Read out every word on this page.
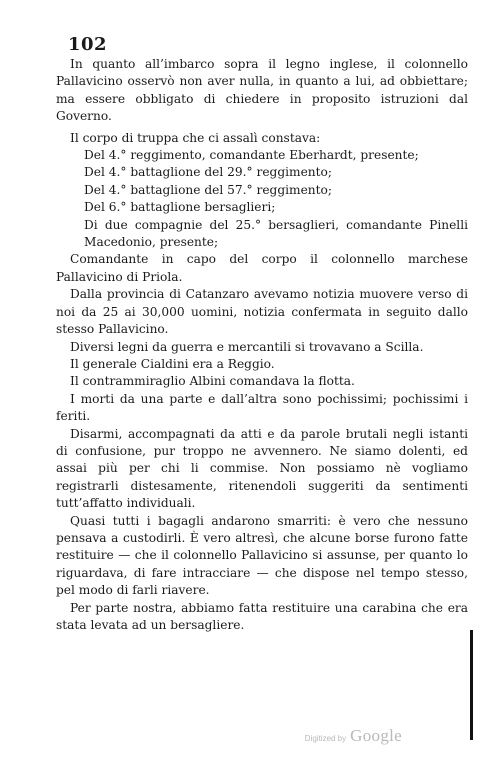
102

In quanto all’imbarco sopra il legno inglese, il colonnello Pallavicino osservò non aver nulla, in quanto a lui, ad obbiettare; ma essere obbligato di chiedere in proposito istruzioni dal Governo.

Il corpo di truppa che ci assalì constava:

Del 4.° reggimento, comandante Eberhardt, presente;

Del 4.° battaglione del 29.° reggimento;

Del 4.° battaglione del 57.° reggimento;

Del 6.° battaglione bersaglieri;

Di due compagnie del 25.° bersaglieri, comandante Pinelli Macedonio, presente;

Comandante in capo del corpo il colonnello marchese Pallavicino di Priola.

Dalla provincia di Catanzaro avevamo notizia muovere verso di noi da 25 ai 30,000 uomini, notizia confermata in seguito dallo stesso Pallavicino.

Diversi legni da guerra e mercantili si trovavano a Scilla.

Il generale Cialdini era a Reggio.

Il contrammiraglio Albini comandava la flotta.

I morti da una parte e dall’altra sono pochissimi; pochissimi i feriti.

Disarmi, accompagnati da atti e da parole brutali negli istanti di confusione, pur troppo ne avvennero. Ne siamo dolenti, ed assai più per chi li commise. Non possiamo nè vogliamo registrarli distesamente, ritenendoli suggeriti da sentimenti tutt’affatto individuali.

Quasi tutti i bagagli andarono smarriti: è vero che nessuno pensava a custodirli. È vero altresì, che alcune borse furono fatte restituire — che il colonnello Pallavicino si assunse, per quanto lo riguardava, di fare intracciare — che dispose nel tempo stesso, pel modo di farli riavere.

Per parte nostra, abbiamo fatta restituire una carabina che era stata levata ad un bersagliere.

Digitized by Google
